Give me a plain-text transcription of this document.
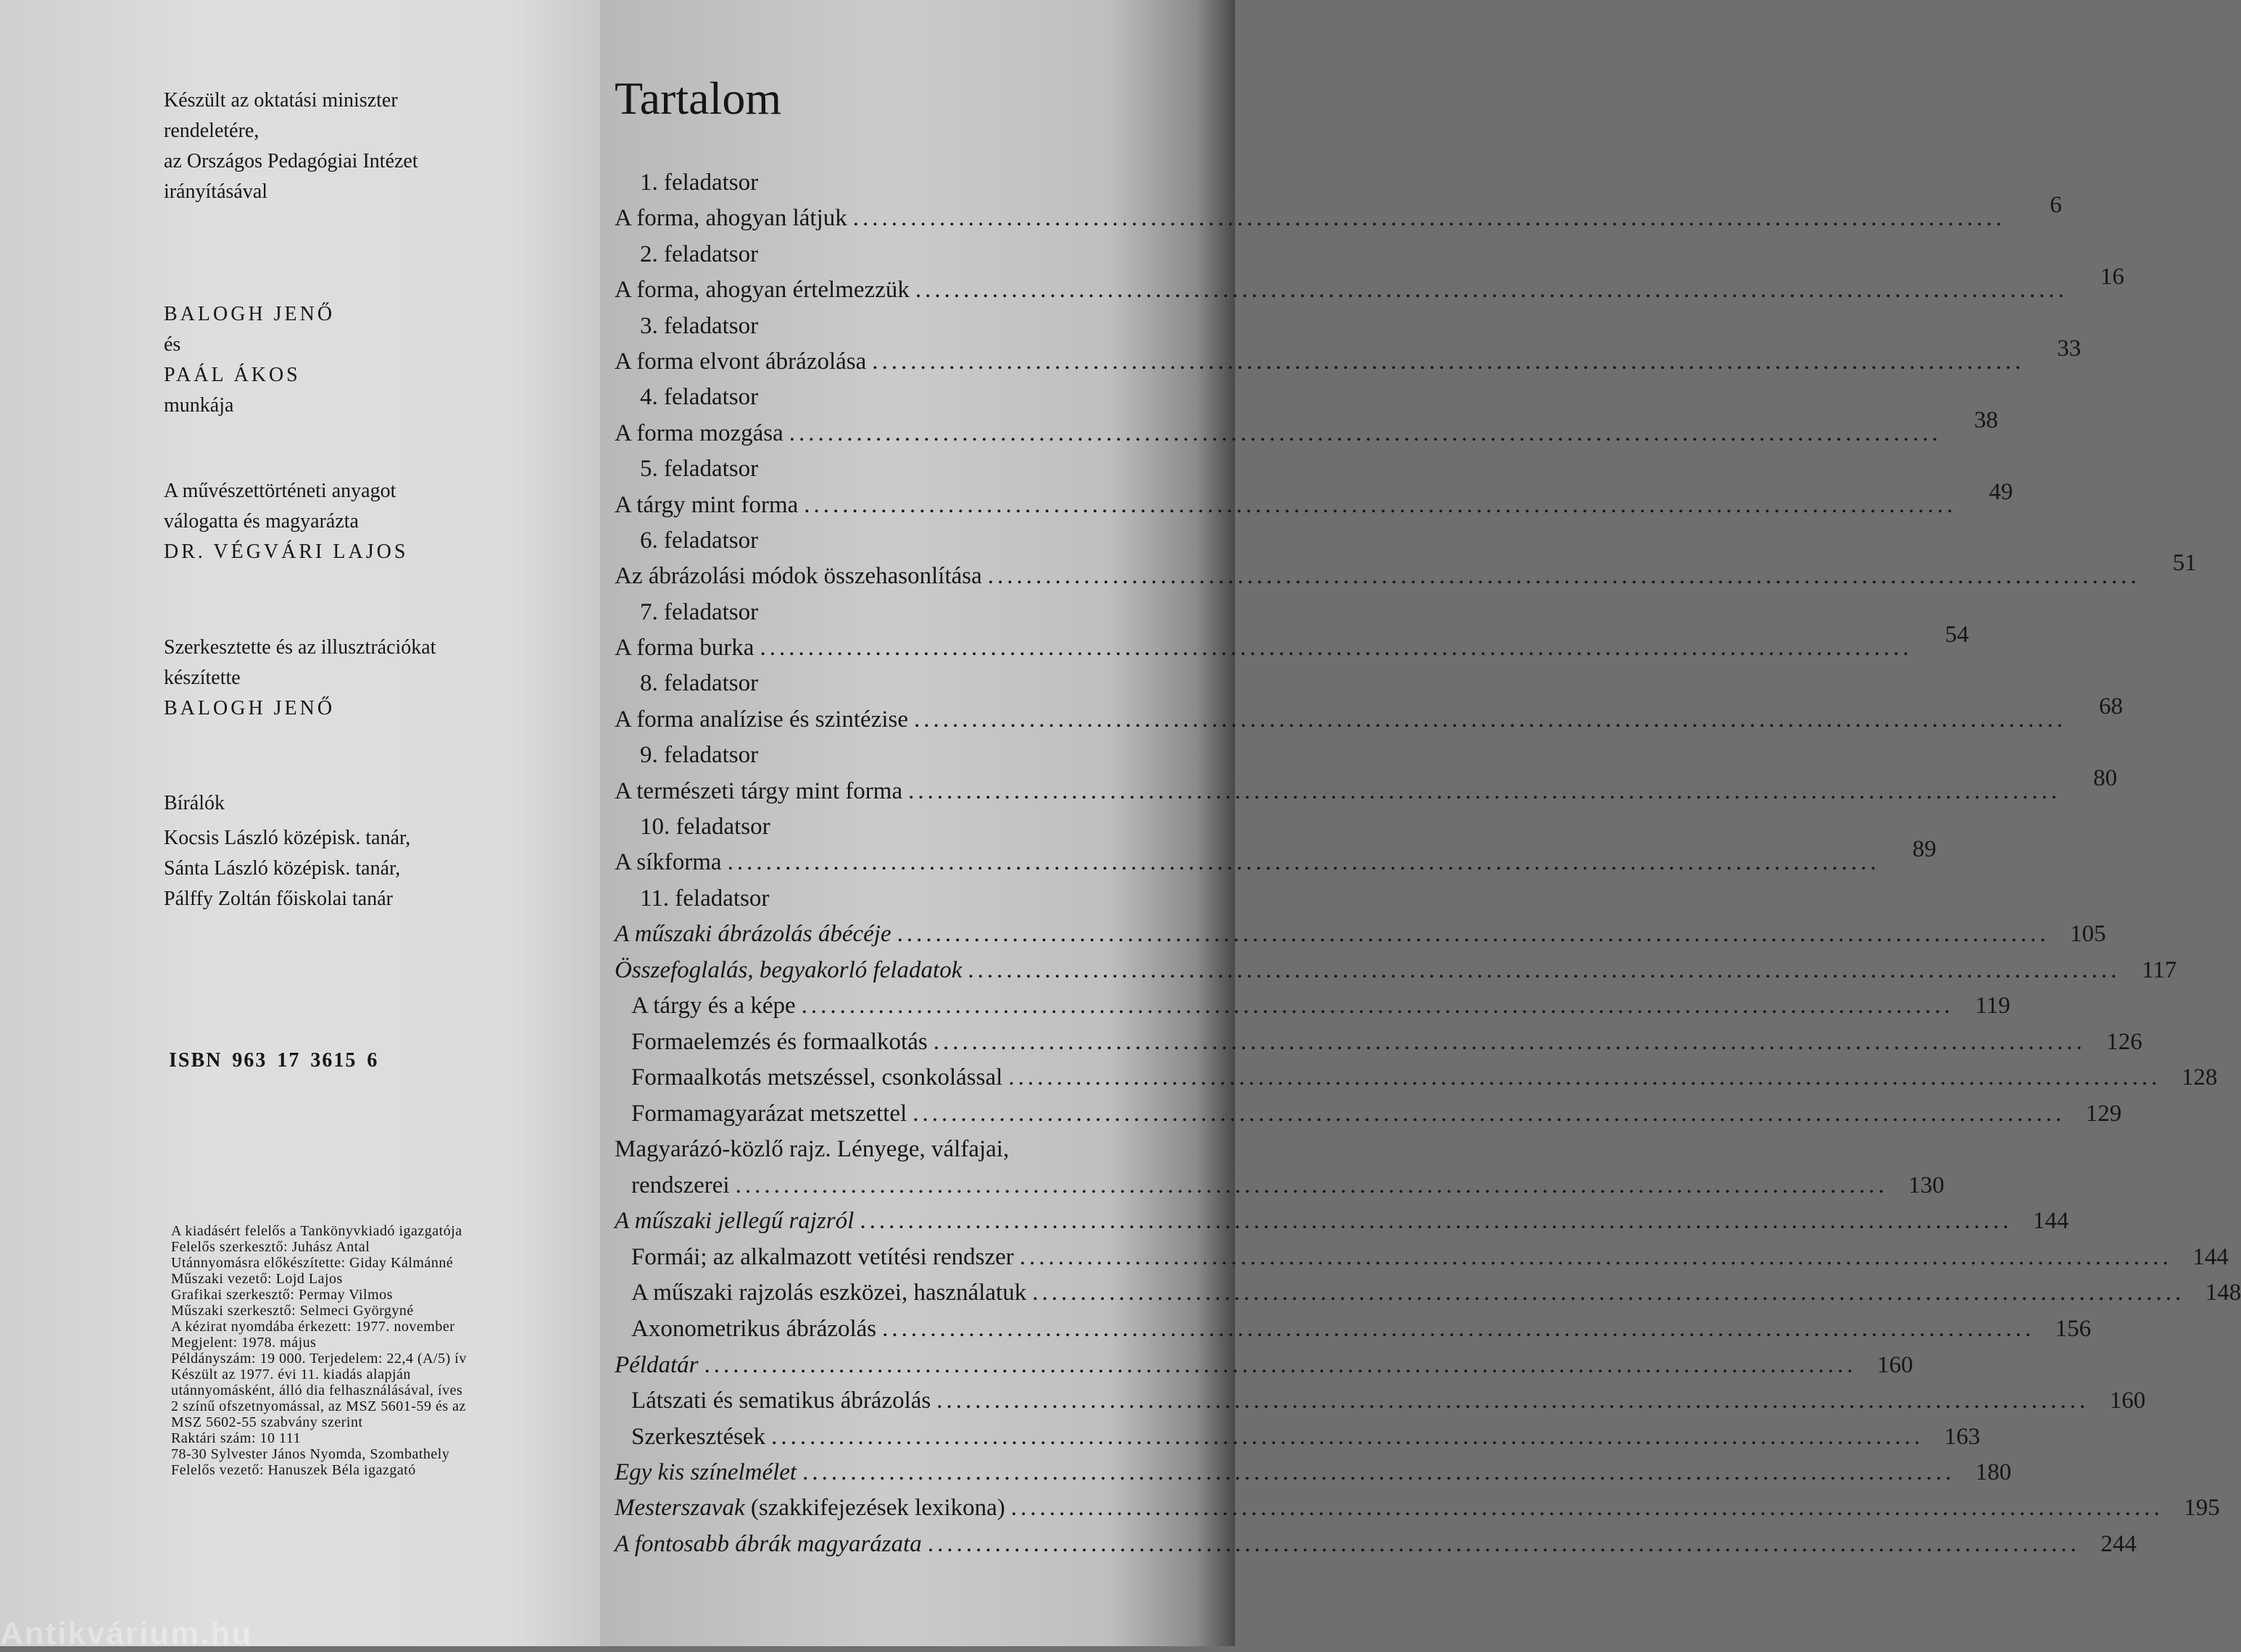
Készült az oktatási miniszter
rendeletére,
az Országos Pedagógiai Intézet
irányításával
BALOGH JENŐ
és
PAÁL ÁKOS
munkája
A művészettörténeti anyagot
válogatta és magyarázta
DR. VÉGVÁRI LAJOS
Szerkesztette és az illusztrációkat
készítette
BALOGH JENŐ
Bírálók
Kocsis László középisk. tanár,
Sánta László középisk. tanár,
Pálffy Zoltán főiskolai tanár
ISBN 963 17 3615 6
A kiadásért felelős a Tankönyvkiadó igazgatója
Felelős szerkesztő: Juhász Antal
Utánnyomásra előkészítette: Giday Kálmánné
Műszaki vezető: Lojd Lajos
Grafikai szerkesztő: Permay Vilmos
Műszaki szerkesztő: Selmeci Györgyné
A kézirat nyomdába érkezett: 1977. november
Megjelent: 1978. május
Példányszám: 19 000. Terjedelem: 22,4 (A/5) ív
Készült az 1977. évi 11. kiadás alapján
utánnyomásként, álló dia felhasználásával, íves
2 színű ofszetnyomással, az MSZ 5601-59 és az
MSZ 5602-55 szabvány szerint
Raktári szám: 10 111
78-30 Sylvester János Nyomda, Szombathely
Felelős vezető: Hanuszek Béla igazgató
Antikvárium.hu
Tartalom
1. feladatsor
A forma, ahogyan látjuk ........................................................................................................................	6
2. feladatsor
A forma, ahogyan értelmezzük ........................................................................................................................	16
3. feladatsor
A forma elvont ábrázolása ........................................................................................................................	33
4. feladatsor
A forma mozgása ........................................................................................................................	38
5. feladatsor
A tárgy mint forma ........................................................................................................................	49
6. feladatsor
Az ábrázolási módok összehasonlítása ........................................................................................................................	51
7. feladatsor
A forma burka ........................................................................................................................	54
8. feladatsor
A forma analízise és szintézise ........................................................................................................................	68
9. feladatsor
A természeti tárgy mint forma ........................................................................................................................	80
10. feladatsor
A síkforma ........................................................................................................................	89
11. feladatsor
A műszaki ábrázolás ábécéje ........................................................................................................................ 105
Összefoglalás, begyakorló feladatok ........................................................................................................................ 117
A tárgy és a képe ........................................................................................................................ 119
Formaelemzés és formaalkotás ........................................................................................................................ 126
Formaalkotás metszéssel, csonkolással ........................................................................................................................ 128
Formamagyarázat metszettel ........................................................................................................................ 129
Magyarázó-közlő rajz. Lényege, válfajai,
rendszerei ........................................................................................................................ 130
A műszaki jellegű rajzról ........................................................................................................................ 144
Formái; az alkalmazott vetítési rendszer ........................................................................................................................ 144
A műszaki rajzolás eszközei, használatuk ........................................................................................................................ 148
Axonometrikus ábrázolás ........................................................................................................................ 156
Példatár ........................................................................................................................ 160
Látszati és sematikus ábrázolás ........................................................................................................................ 160
Szerkesztések ........................................................................................................................ 163
Egy kis színelmélet ........................................................................................................................ 180
Mesterszavak (szakkifejezések lexikona) ........................................................................................................................ 195
A fontosabb ábrák magyarázata ........................................................................................................................ 244
